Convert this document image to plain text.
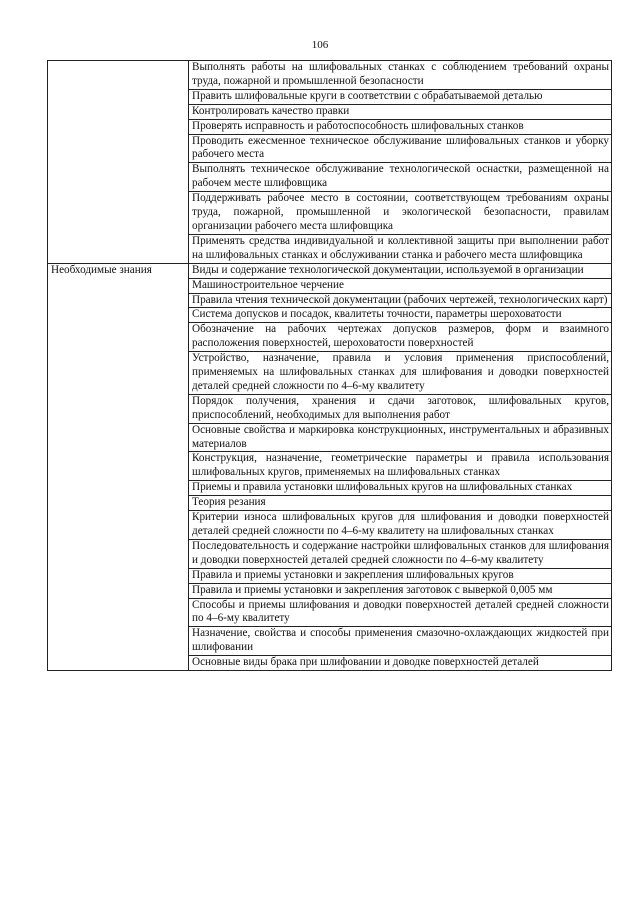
106
	Выполнять работы на шлифовальных станках с соблюдением требований охраны труда, пожарной и промышленной безопасности
	Править шлифовальные круги в соответствии с обрабатываемой деталью
	Контролировать качество правки
	Проверять исправность и работоспособность шлифовальных станков
	Проводить ежесменное техническое обслуживание шлифовальных станков и уборку рабочего места
	Выполнять техническое обслуживание технологической оснастки, размещенной на рабочем месте шлифовщика
	Поддерживать рабочее место в состоянии, соответствующем требованиям охраны труда, пожарной, промышленной и экологической безопасности, правилам организации рабочего места шлифовщика
	Применять средства индивидуальной и коллективной защиты при выполнении работ на шлифовальных станках и обслуживании станка и рабочего места шлифовщика

Необходимые знания	Виды и содержание технологической документации, используемой в организации
	Машиностроительное черчение
	Правила чтения технической документации (рабочих чертежей, технологических карт)
	Система допусков и посадок, квалитеты точности, параметры шероховатости
	Обозначение на рабочих чертежах допусков размеров, форм и взаимного расположения поверхностей, шероховатости поверхностей
	Устройство, назначение, правила и условия применения приспособлений, применяемых на шлифовальных станках для шлифования и доводки поверхностей деталей средней сложности по 4–6-му квалитету
	Порядок получения, хранения и сдачи заготовок, шлифовальных кругов, приспособлений, необходимых для выполнения работ
	Основные свойства и маркировка конструкционных, инструментальных и абразивных материалов
	Конструкция, назначение, геометрические параметры и правила использования шлифовальных кругов, применяемых на шлифовальных станках
	Приемы и правила установки шлифовальных кругов на шлифовальных станках
	Теория резания
	Критерии износа шлифовальных кругов для шлифования и доводки поверхностей деталей средней сложности по 4–6-му квалитету на шлифовальных станках
	Последовательность и содержание настройки шлифовальных станков для шлифования и доводки поверхностей деталей средней сложности по 4–6-му квалитету
	Правила и приемы установки и закрепления шлифовальных кругов
	Правила и приемы установки и закрепления заготовок с выверкой 0,005 мм
	Способы и приемы шлифования и доводки поверхностей деталей средней сложности по 4–6-му квалитету
	Назначение, свойства и способы применения смазочно-охлаждающих жидкостей при шлифовании
	Основные виды брака при шлифовании и доводке поверхностей деталей
